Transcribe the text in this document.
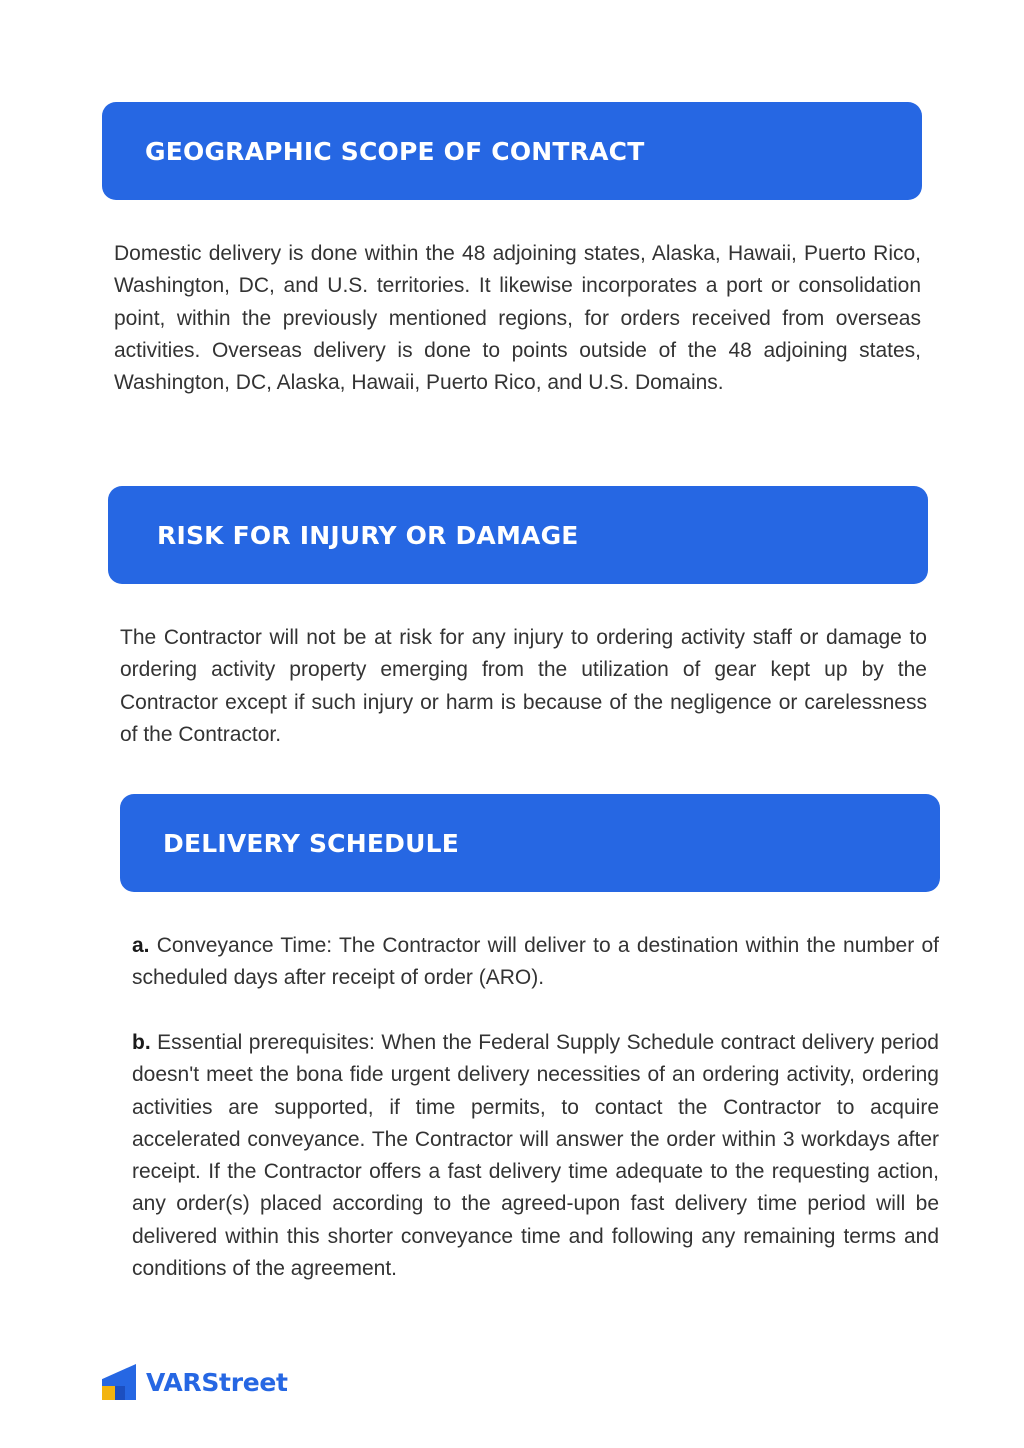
GEOGRAPHIC SCOPE OF CONTRACT

Domestic delivery is done within the 48 adjoining states, Alaska, Hawaii, Puerto Rico, Washington, DC, and U.S. territories. It likewise incorporates a port or consolidation point, within the previously mentioned regions, for orders received from overseas activities. Overseas delivery is done to points outside of the 48 adjoining states, Washington, DC, Alaska, Hawaii, Puerto Rico, and U.S. Domains.

RISK FOR INJURY OR DAMAGE

The Contractor will not be at risk for any injury to ordering activity staff or damage to ordering activity property emerging from the utilization of gear kept up by the Contractor except if such injury or harm is because of the negligence or carelessness of the Contractor.

DELIVERY SCHEDULE

a. Conveyance Time: The Contractor will deliver to a destination within the number of scheduled days after receipt of order (ARO).

b. Essential prerequisites: When the Federal Supply Schedule contract delivery period doesn't meet the bona fide urgent delivery necessities of an ordering activity, ordering activities are supported, if time permits, to contact the Contractor to acquire accelerated conveyance. The Contractor will answer the order within 3 workdays after receipt. If the Contractor offers a fast delivery time adequate to the requesting action, any order(s) placed according to the agreed-upon fast delivery time period will be delivered within this shorter conveyance time and following any remaining terms and conditions of the agreement.

VARStreet
